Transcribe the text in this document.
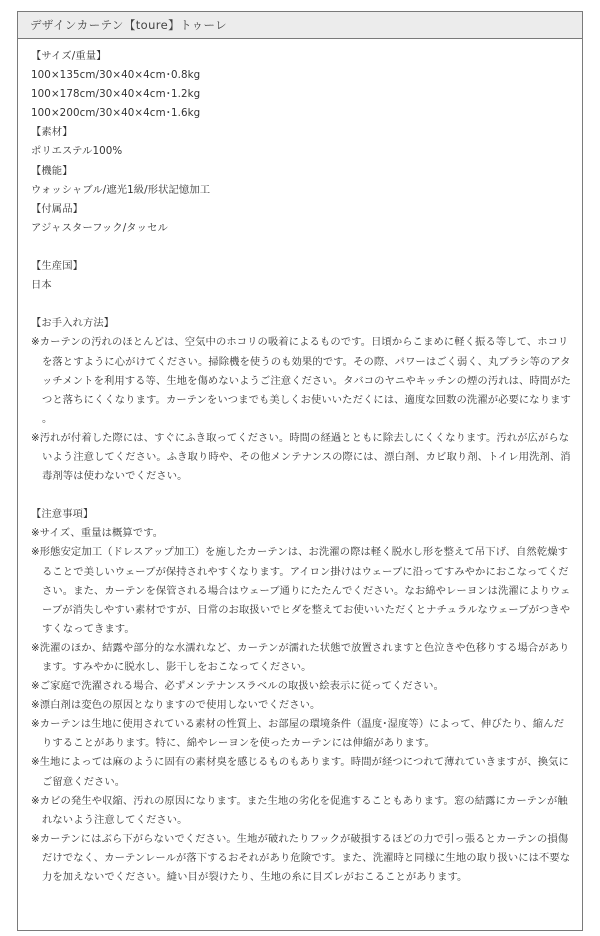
デザインカーテン【toure】トゥーレ
【サイズ/重量】
100×135cm/30×40×4cm･0.8kg
100×178cm/30×40×4cm･1.2kg
100×200cm/30×40×4cm･1.6kg
【素材】
ポリエステル100%
【機能】
ウォッシャブル/遮光1級/形状記憶加工
【付属品】
アジャスターフック/タッセル
【生産国】
日本
【お手入れ方法】
※カーテンの汚れのほとんどは、空気中のホコリの吸着によるものです。日頃からこまめに軽く振る等して、ホコリを落とすように心がけてください。掃除機を使うのも効果的です。その際、パワーはごく弱く、丸ブラシ等のアタッチメントを利用する等、生地を傷めないようご注意ください。タバコのヤニやキッチンの煙の汚れは、時間がたつと落ちにくくなります。カーテンをいつまでも美しくお使いいただくには、適度な回数の洗濯が必要になります。
※汚れが付着した際には、すぐにふき取ってください。時間の経過とともに除去しにくくなります。汚れが広がらないよう注意してください。ふき取り時や、その他メンテナンスの際には、漂白剤、カビ取り剤、トイレ用洗剤、消毒剤等は使わないでください。
【注意事項】
※サイズ、重量は概算です。
※形態安定加工（ドレスアップ加工）を施したカーテンは、お洗濯の際は軽く脱水し形を整えて吊下げ、自然乾燥することで美しいウェーブが保持されやすくなります。アイロン掛けはウェーブに沿ってすみやかにおこなってください。また、カーテンを保管される場合はウェーブ通りにたたんでください。なお綿やレーヨンは洗濯によりウェーブが消失しやすい素材ですが、日常のお取扱いでヒダを整えてお使いいただくとナチュラルなウェーブがつきやすくなってきます。
※洗濯のほか、結露や部分的な水濡れなど、カーテンが濡れた状態で放置されますと色泣きや色移りする場合があります。すみやかに脱水し、影干しをおこなってください。
※ご家庭で洗濯される場合、必ずメンテナンスラベルの取扱い絵表示に従ってください。
※漂白剤は変色の原因となりますので使用しないでください。
※カーテンは生地に使用されている素材の性質上、お部屋の環境条件（温度･湿度等）によって、伸びたり、縮んだりすることがあります。特に、綿やレーヨンを使ったカーテンには伸縮があります。
※生地によっては麻のように固有の素材臭を感じるものもあります。時間が経つにつれて薄れていきますが、換気にご留意ください。
※カビの発生や収縮、汚れの原因になります。また生地の劣化を促進することもあります。窓の結露にカーテンが触れないよう注意してください。
※カーテンにはぶら下がらないでください。生地が破れたりフックが破損するほどの力で引っ張るとカーテンの損傷だけでなく、カーテンレールが落下するおそれがあり危険です。また、洗濯時と同様に生地の取り扱いには不要な力を加えないでください。縫い目が裂けたり、生地の糸に目ズレがおこることがあります。
